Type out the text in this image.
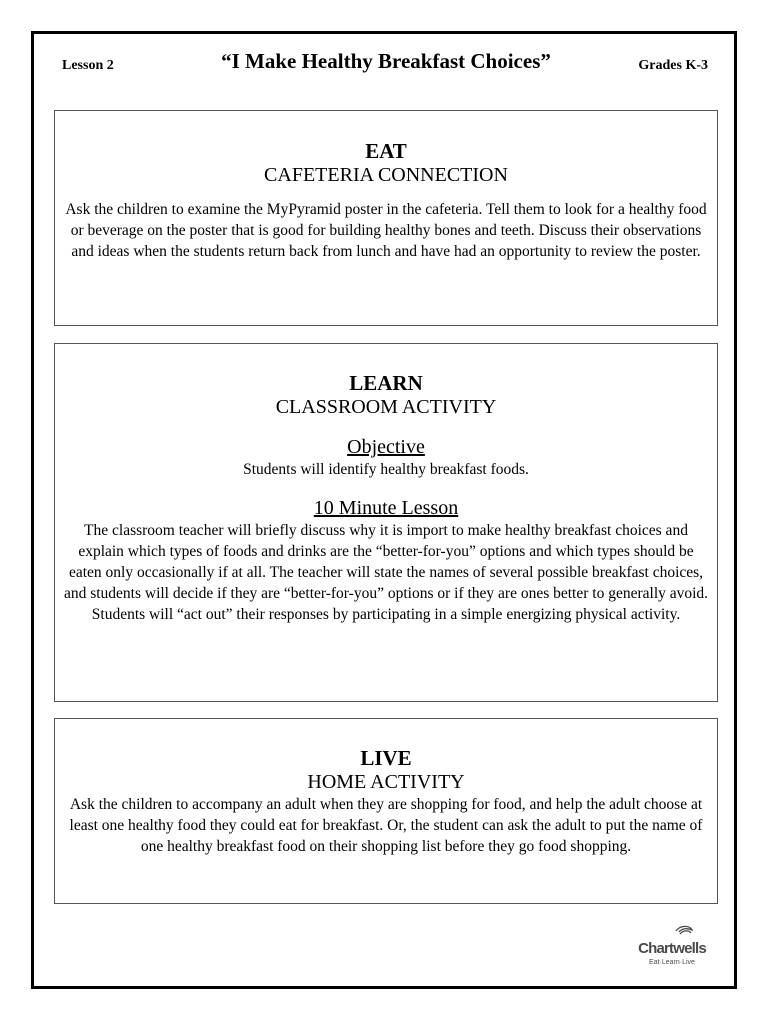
Lesson 2	“I Make Healthy Breakfast Choices”	Grades K-3
EAT
CAFETERIA CONNECTION
Ask the children to examine the MyPyramid poster in the cafeteria. Tell them to look for a healthy food or beverage on the poster that is good for building healthy bones and teeth. Discuss their observations and ideas when the students return back from lunch and have had an opportunity to review the poster.
LEARN
CLASSROOM ACTIVITY
Objective
Students will identify healthy breakfast foods.
10 Minute Lesson
The classroom teacher will briefly discuss why it is import to make healthy breakfast choices and explain which types of foods and drinks are the “better-for-you” options and which types should be eaten only occasionally if at all. The teacher will state the names of several possible breakfast choices, and students will decide if they are “better-for-you” options or if they are ones better to generally avoid. Students will “act out” their responses by participating in a simple energizing physical activity.
LIVE
HOME ACTIVITY
Ask the children to accompany an adult when they are shopping for food, and help the adult choose at least one healthy food they could eat for breakfast. Or, the student can ask the adult to put the name of one healthy breakfast food on their shopping list before they go food shopping.
Chartwells
Eat·Learn·Live
